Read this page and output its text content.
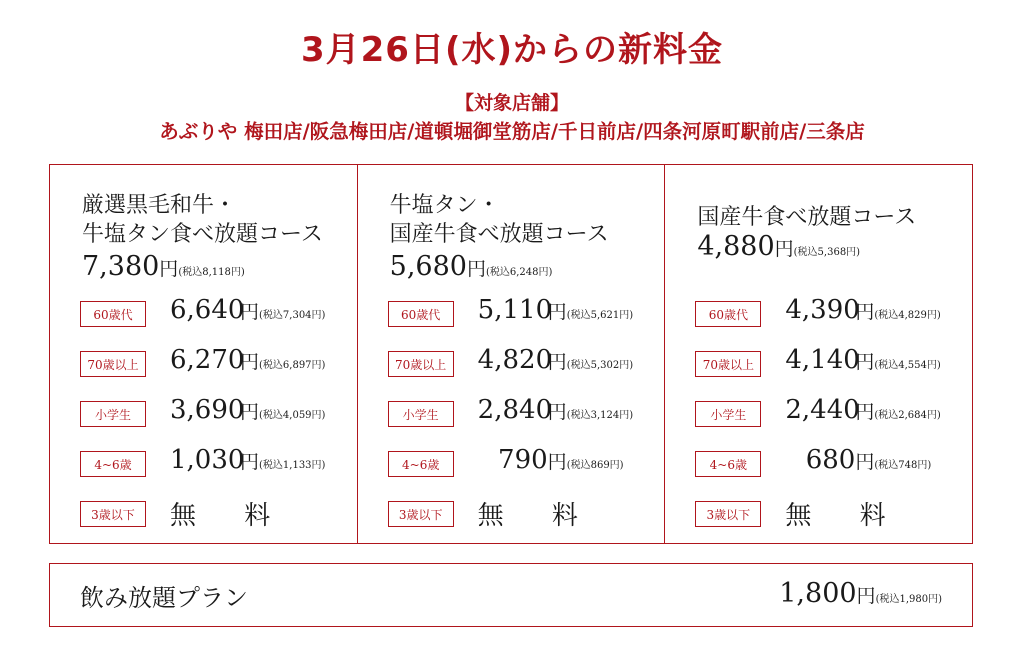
3月26日(水)からの新料金
【対象店舗】
あぶりや 梅田店/阪急梅田店/道頓堀御堂筋店/千日前店/四条河原町駅前店/三条店
厳選黒毛和牛・
牛塩タン食べ放題コース
7,380円(税込8,118円)
60歳代	6,640円(税込7,304円)
70歳以上 6,270円(税込6,897円)
小学生	3,690円(税込4,059円)
4~6歳	1,030円(税込1,133円)
3歳以下	無 料
牛塩タン・
国産牛食べ放題コース
5,680円(税込6,248円)
60歳代	5,110円(税込5,621円)
70歳以上 4,820円(税込5,302円)
小学生	2,840円(税込3,124円)
4~6歳	790円(税込869円)
3歳以下	無 料
国産牛食べ放題コース
4,880円(税込5,368円)
60歳代	4,390円(税込4,829円)
70歳以上 4,140円(税込4,554円)
小学生	2,440円(税込2,684円)
4~6歳	680円(税込748円)
3歳以下	無 料
飲み放題プラン	1,800円(税込1,980円)
